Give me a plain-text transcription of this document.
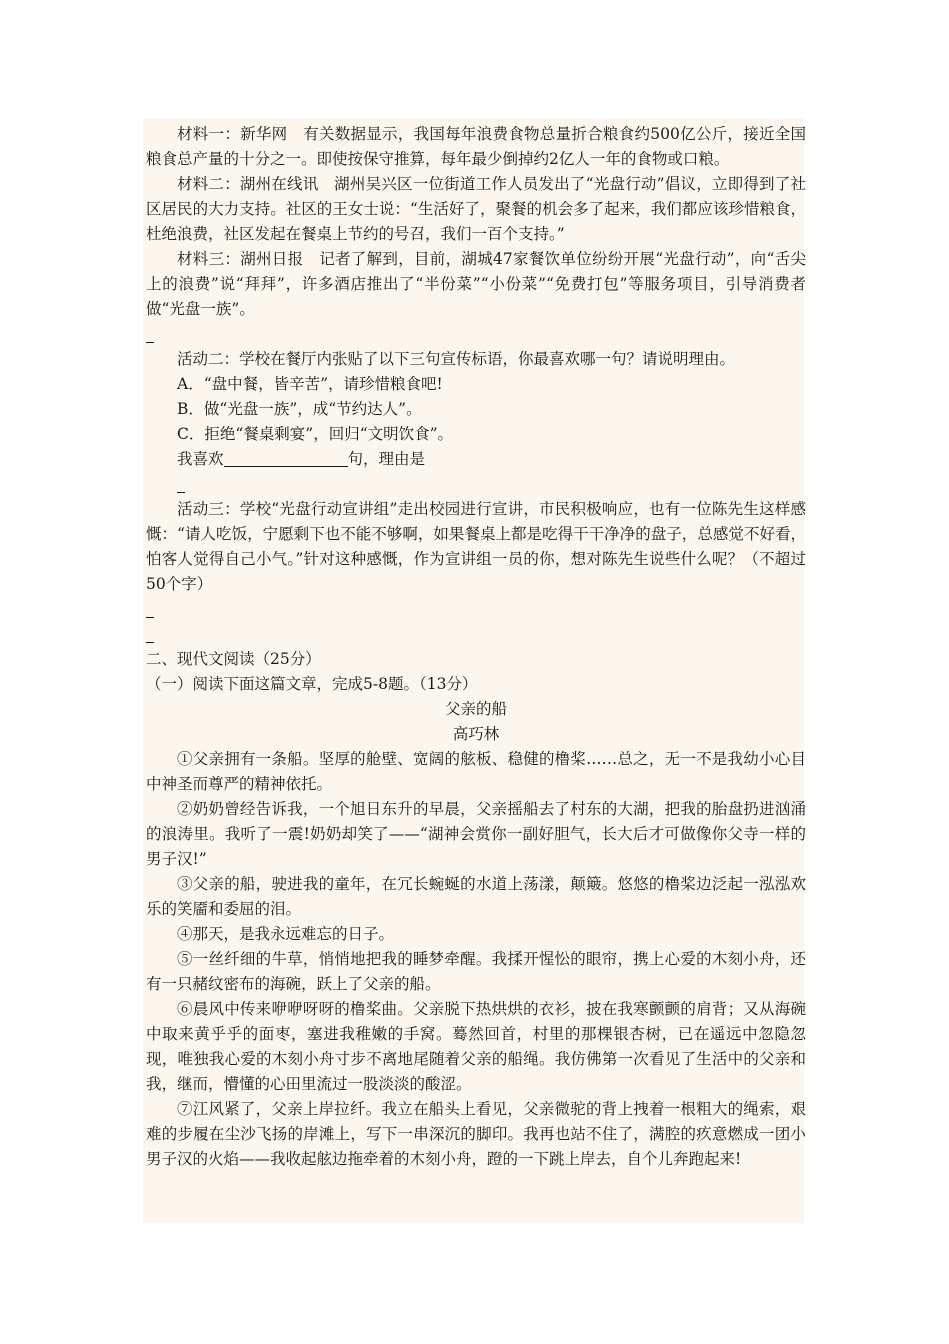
材料一：新华网　有关数据显示，我国每年浪费食物总量折合粮食约500亿公斤，接近全国粮食总产量的十分之一。即使按保守推算，每年最少倒掉约2亿人一年的食物或口粮。

材料二：湖州在线讯　湖州吴兴区一位街道工作人员发出了“光盘行动”倡议，立即得到了社区居民的大力支持。社区的王女士说：“生活好了，聚餐的机会多了起来，我们都应该珍惜粮食，杜绝浪费，社区发起在餐桌上节约的号召，我们一百个支持。”

材料三：湖州日报　记者了解到，目前，湖城47家餐饮单位纷纷开展“光盘行动”，向“舌尖上的浪费”说“拜拜”，许多酒店推出了“半份菜”“小份菜”“免费打包”等服务项目，引导消费者做“光盘一族”。

活动二：学校在餐厅内张贴了以下三句宣传标语，你最喜欢哪一句？请说明理由。

A．“盘中餐，皆辛苦”，请珍惜粮食吧!

B．做“光盘一族”，成“节约达人”。

C．拒绝“餐桌剩宴”，回归“文明饮食”。

我喜欢	句，理由是

活动三：学校“光盘行动宣讲组”走出校园进行宣讲，市民积极响应，也有一位陈先生这样感慨：“请人吃饭，宁愿剩下也不能不够啊，如果餐桌上都是吃得干干净净的盘子，总感觉不好看，怕客人觉得自己小气。”针对这种感慨，作为宣讲组一员的你，想对陈先生说些什么呢？（不超过50个字）

二、现代文阅读（25分）

（一）阅读下面这篇文章，完成5-8题。（13分）

父亲的船

高巧林

①父亲拥有一条船。坚厚的舱壁、宽阔的舷板、稳健的橹桨……总之，无一不是我幼小心目中神圣而尊严的精神依托。

②奶奶曾经告诉我，一个旭日东升的早晨，父亲摇船去了村东的大湖，把我的胎盘扔进汹涌的浪涛里。我听了一震!奶奶却笑了——“湖神会赏你一副好胆气，长大后才可做像你父寺一样的男子汉!”

③父亲的船，驶进我的童年，在冗长蜿蜒的水道上荡漾，颠簸。悠悠的橹桨边泛起一泓泓欢乐的笑靥和委屈的泪。

④那天，是我永远难忘的日子。

⑤一丝纤细的牛草，悄悄地把我的睡梦牵醒。我揉开惺忪的眼帘，携上心爱的木刻小舟，还有一只赭纹密布的海碗，跃上了父亲的船。

⑥晨风中传来咿咿呀呀的橹桨曲。父亲脱下热烘烘的衣衫，披在我寒颤颤的肩背；又从海碗中取来黄乎乎的面枣，塞进我稚嫩的手窝。蓦然回首，村里的那棵银杏树，已在遥远中忽隐忽现，唯独我心爱的木刻小舟寸步不离地尾随着父亲的船绳。我仿佛第一次看见了生活中的父亲和我，继而，懵懂的心田里流过一股淡淡的酸涩。

⑦江风紧了，父亲上岸拉纤。我立在船头上看见，父亲微驼的背上拽着一根粗大的绳索，艰难的步履在尘沙飞扬的岸滩上，写下一串深沉的脚印。我再也站不住了，满腔的疚意燃成一团小男子汉的火焰——我收起舷边拖牵着的木刻小舟，蹬的一下跳上岸去，自个儿奔跑起来!
